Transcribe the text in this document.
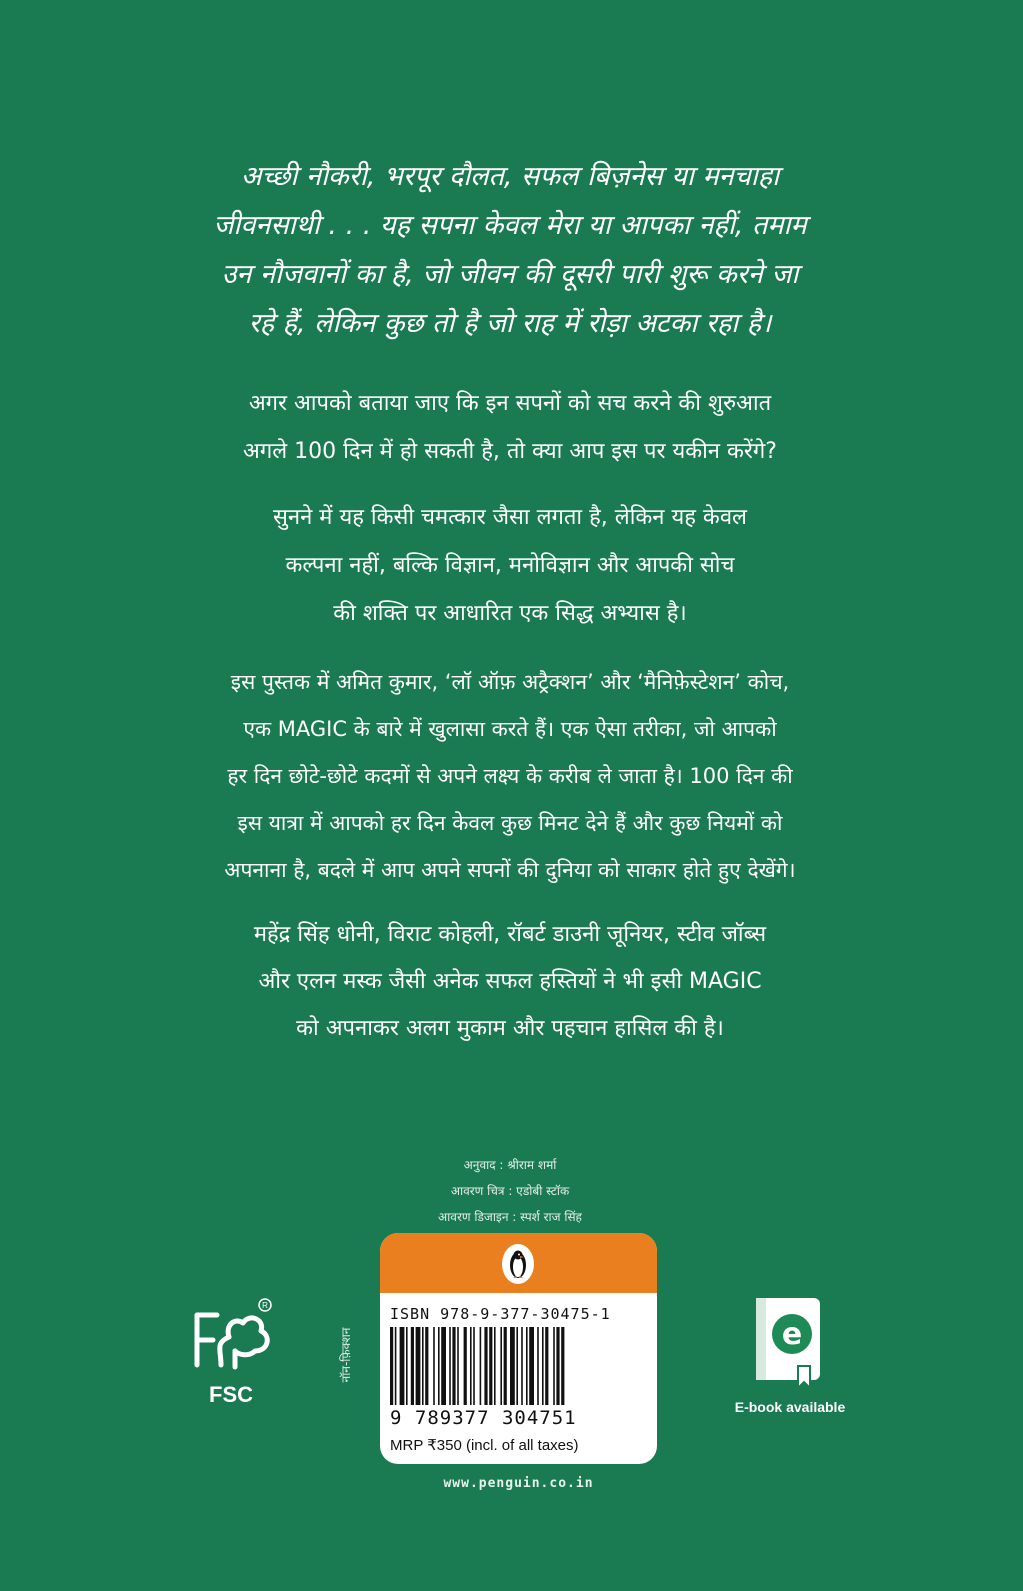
अच्छी नौकरी, भरपूर दौलत, सफल बिज़नेस या मनचाहा
जीवनसाथी . . . यह सपना केवल मेरा या आपका नहीं, तमाम
उन नौजवानों का है, जो जीवन की दूसरी पारी शुरू करने जा
रहे हैं, लेकिन कुछ तो है जो राह में रोड़ा अटका रहा है।
अगर आपको बताया जाए कि इन सपनों को सच करने की शुरुआत
अगले 100 दिन में हो सकती है, तो क्या आप इस पर यकीन करेंगे?
सुनने में यह किसी चमत्कार जैसा लगता है, लेकिन यह केवल
कल्पना नहीं, बल्कि विज्ञान, मनोविज्ञान और आपकी सोच
की शक्ति पर आधारित एक सिद्ध अभ्यास है।
इस पुस्तक में अमित कुमार, ‘लॉ ऑफ़ अट्रैक्शन’ और ‘मैनिफ़ेस्टेशन’ कोच,
एक MAGIC के बारे में खुलासा करते हैं। एक ऐसा तरीका, जो आपको
हर दिन छोटे-छोटे कदमों से अपने लक्ष्य के करीब ले जाता है। 100 दिन की
इस यात्रा में आपको हर दिन केवल कुछ मिनट देने हैं और कुछ नियमों को
अपनाना है, बदले में आप अपने सपनों की दुनिया को साकार होते हुए देखेंगे।
महेंद्र सिंह धोनी, विराट कोहली, रॉबर्ट डाउनी जूनियर, स्टीव जॉब्स
और एलन मस्क जैसी अनेक सफल हस्तियों ने भी इसी MAGIC
को अपनाकर अलग मुकाम और पहचान हासिल की है।
अनुवाद : श्रीराम शर्मा
आवरण चित्र : एडोबी स्टॉक
आवरण डिजाइन : स्पर्श राज सिंह
नॉन-फ़िक्शन
R
FSC
ISBN 978-9-377-30475-1
9 789377 304751
MRP ₹350 (incl. of all taxes)
www.penguin.co.in
e
E-book available
